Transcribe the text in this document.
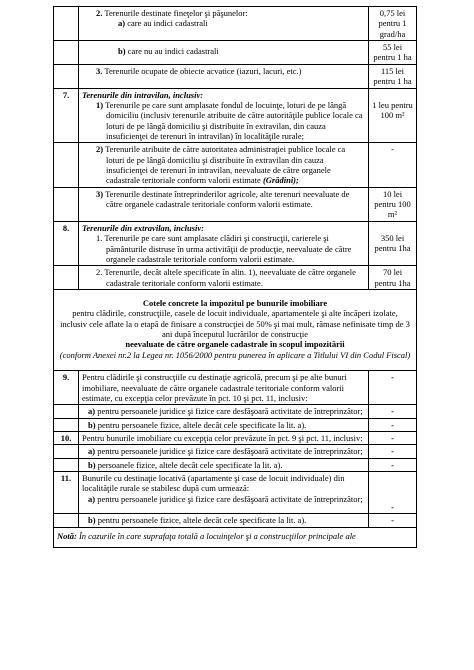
	2. Terenurile destinate fineţelor şi păşunelor:
a) care au indici cadastrali	0,75 lei pentru 1 grad/ha

	b) care nu au indici cadastrali	55 lei pentru 1 ha

	3. Terenurile ocupate de obiecte acvatice (iazuri, lacuri, etc.)	115 lei pentru 1 ha
7.	Terenurile din intravilan, inclusiv:
1) Terenurile pe care sunt amplasate fondul de locuinţe, loturi de pe lângă domiciliu (inclusiv terenurile atribuite de către autorităţile publice locale ca loturi de pe lângă domiciliu şi distribuite în extravilan, din cauza insuficienţei de terenuri în intravilan) în localităţile rurale;	1 leu pentru 100 m²

	2) Terenurile atribuite de către autoritatea administraţiei publice locale ca loturi de pe lângă domiciliu şi distribuite în extravilan din cauza insuficienţei de terenuri în intravilan, neevaluate de către organele cadastrale teritoriale conform valorii estimate (Grădini);	-

	3) Terenurile destinate întreprinderilor agricole, alte terenuri neevaluate de către organele cadastrale teritoriale conform valorii estimate.	10 lei pentru 100 m²
8.	Terenurile din extravilan, inclusiv:
1. Terenurile pe care sunt amplasate clădiri şi construcţii, carierele şi pământurile distruse în urma activităţii de producţie, neevaluate de către organele cadastrale teritoriale conform valorii estimate.	350 lei pentru 1ha

	2. Terenurile, decât altele specificate în alin. 1), neevaluate de către organele cadastrale teritoriale conform valorii estimate.	70 lei pentru 1ha

Cotele concrete la impozitul pe bunurile imobiliare
pentru clădirile, construcţiile, casele de locuit individuale, apartamentele şi alte încăperi izolate, inclusiv cele aflate la o etapă de finisare a construcţiei de 50% şi mai mult, rămase nefinisate timp de 3 ani după începutul lucrărilor de construcţie
neevaluate de către organele cadastrale în scopul impozitării
(conform Anexei nr.2 la Legea nr. 1056/2000 pentru punerea în aplicare a Titlului VI din Codul Fiscal)		

9.	Pentru clădirile şi construcţiile cu destinaţie agricolă, precum şi pe alte bunuri imobiliare, neevaluate de către organele cadastrale teritoriale conform valorii estimate, cu excepţia celor prevăzute în pct. 10 şi pct. 11, inclusiv:	-

	a) pentru persoanele juridice şi fizice care desfăşoară activitate de întreprinzător;	-

	b) pentru persoanele fizice, altele decât cele specificate la lit. a).	-
10.	Pentru bunurile imobiliare cu excepţia celor prevăzute în pct. 9 şi pct. 11, inclusiv:	-

	a) pentru persoanele juridice şi fizice care desfăşoară activitate de întreprinzător;	-

	b) persoanele fizice, altele decât cele specificate la lit. a).	-
11.	Bunurile cu destinaţie locativă (apartamente şi case de locuit individuale) din localităţile rurale se stabilesc după cum urmează:
a) pentru persoanele juridice şi fizice care desfăşoară activitate de întreprinzător;	-

	b) pentru persoanele fizice, altele decât cele specificate la lit. a).	-
Notă: În cazurile în care suprafaţa totală a locuinţelor şi a construcţiilor principale ale		
